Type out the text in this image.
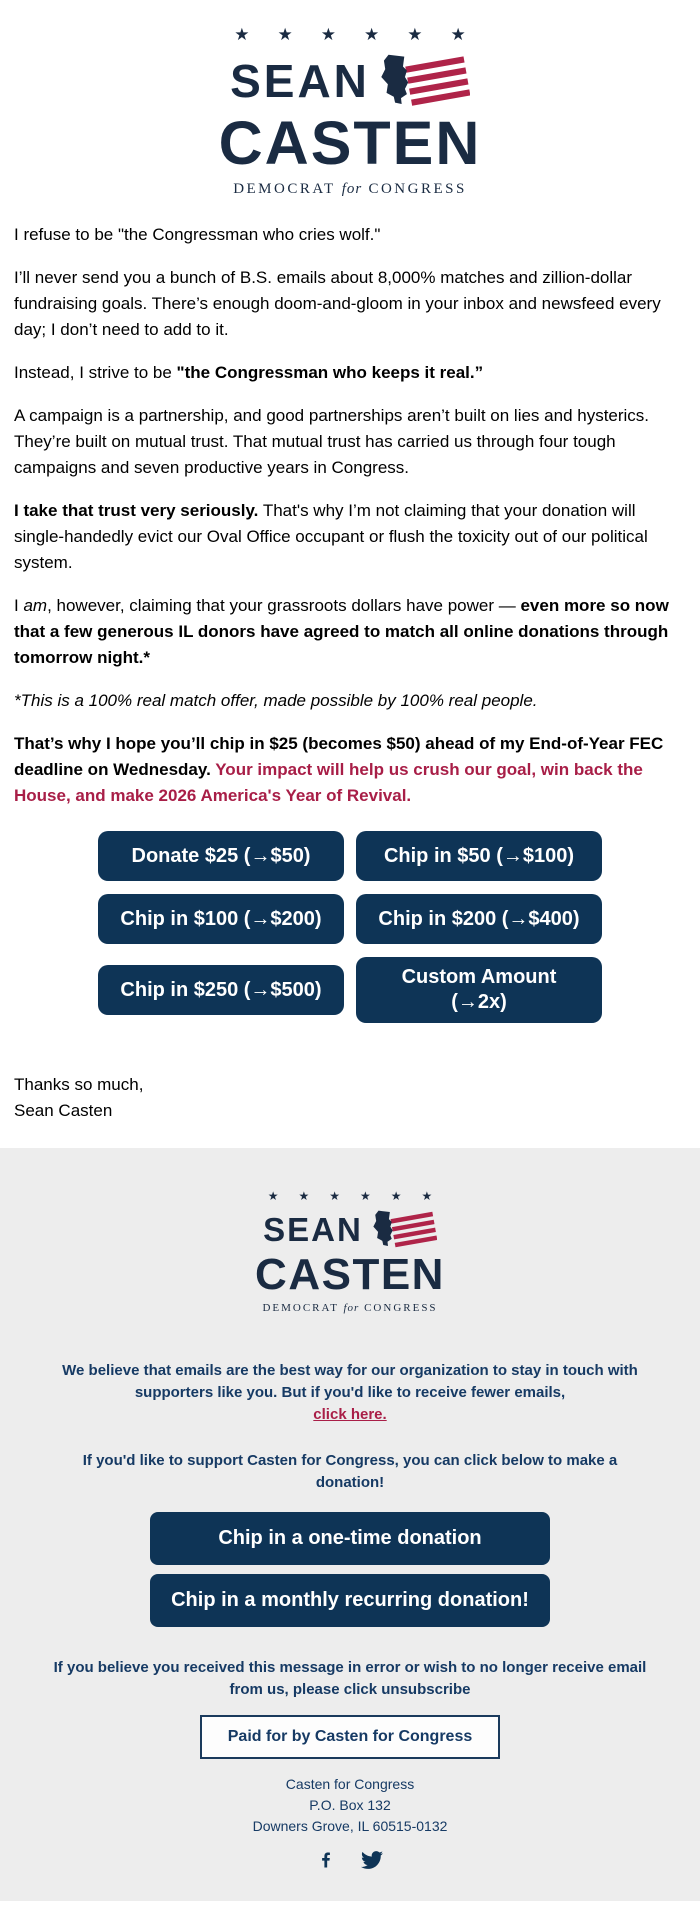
★ ★ ★ ★ ★ ★
SEAN
CASTEN
DEMOCRAT for CONGRESS

I refuse to be "the Congressman who cries wolf."

I’ll never send you a bunch of B.S. emails about 8,000% matches and zillion-dollar fundraising goals. There’s enough doom-and-gloom in your inbox and newsfeed every day; I don’t need to add to it.

Instead, I strive to be "the Congressman who keeps it real.”

A campaign is a partnership, and good partnerships aren’t built on lies and hysterics. They’re built on mutual trust. That mutual trust has carried us through four tough campaigns and seven productive years in Congress.

I take that trust very seriously. That's why I’m not claiming that your donation will single-handedly evict our Oval Office occupant or flush the toxicity out of our political system.

I am, however, claiming that your grassroots dollars have power — even more so now that a few generous IL donors have agreed to match all online donations through tomorrow night.*

*This is a 100% real match offer, made possible by 100% real people.

That’s why I hope you’ll chip in $25 (becomes $50) ahead of my End-of-Year FEC deadline on Wednesday. Your impact will help us crush our goal, win back the House, and make 2026 America's Year of Revival.

Donate $25 (→$50)	Chip in $50 (→$100)
Chip in $100 (→$200)	Chip in $200 (→$400)
Chip in $250 (→$500)
Custom Amount
(→2x)
Thanks so much,
Sean Casten
★ ★ ★ ★ ★ ★
SEAN
CASTEN
DEMOCRAT for CONGRESS

We believe that emails are the best way for our organization to stay in touch with supporters like you. But if you'd like to receive fewer emails,
click here.

If you'd like to support Casten for Congress, you can click below to make a donation!

Chip in a one-time donation
Chip in a monthly recurring donation!

If you believe you received this message in error or wish to no longer receive email from us, please click unsubscribe

Paid for by Casten for Congress
Casten for Congress
P.O. Box 132
Downers Grove, IL 60515-0132
